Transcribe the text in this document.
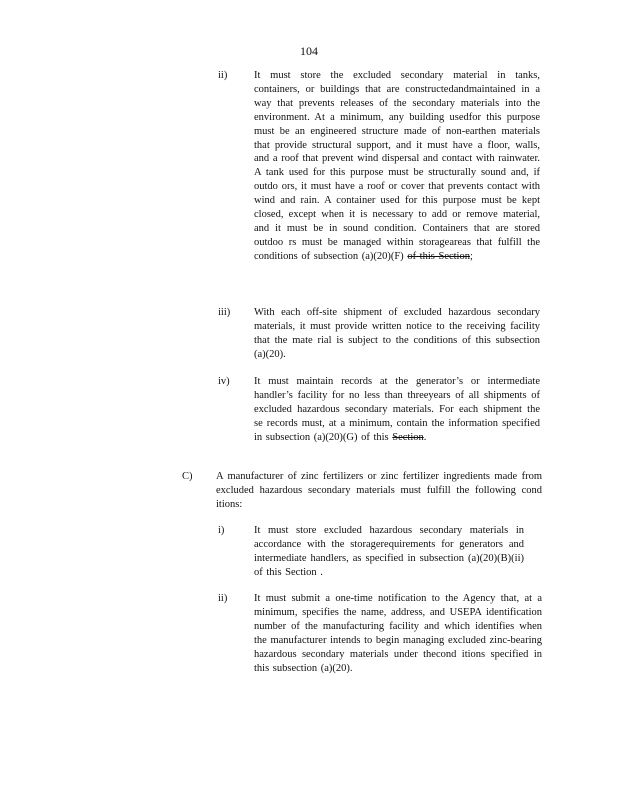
104
ii)	It must store the excluded secondary material in tanks, containers, or buildings that are constructedandmaintained in a way that prevents releases of the secondary materials into the environment. At a minimum, any building usedfor this purpose must be an engineered structure made of non-earthen materials that provide structural support, and it must have a floor, walls, and a roof that prevent wind dispersal and contact with rainwater. A tank used for this purpose must be structurally sound and, if outdo ors, it must have a roof or cover that prevents contact with wind and rain. A container used for this purpose must be kept closed, except when it is necessary to add or remove material, and it must be in sound condition. Containers that are stored outdoo rs must be managed within storageareas that fulfill the conditions of subsection (a)(20)(F) of this Section;
iii) With each off-site shipment of excluded hazardous secondary materials, it must provide written notice to the receiving facility that the mate rial is subject to the conditions of this subsection (a)(20).
iv) It must maintain records at the generator’s or intermediate handler’s facility for no less than threeyears of all shipments of excluded hazardous secondary materials. For each shipment the se records must, at a minimum, contain the information specified in subsection (a)(20)(G) of this Section.
C) A manufacturer of zinc fertilizers or zinc fertilizer ingredients made from excluded hazardous secondary materials must fulfill the following cond itions:
i)	It must store excluded hazardous secondary materials in accordance with the storagerequirements for generators and intermediate handlers, as specified in subsection (a)(20)(B)(ii) of this Section .
ii)	It must submit a one-time notification to the Agency that, at a minimum, specifies the name, address, and USEPA identification number of the manufacturing facility and which identifies when the manufacturer intends to begin managing excluded zinc-bearing hazardous secondary materials under thecond itions specified in this subsection (a)(20).
